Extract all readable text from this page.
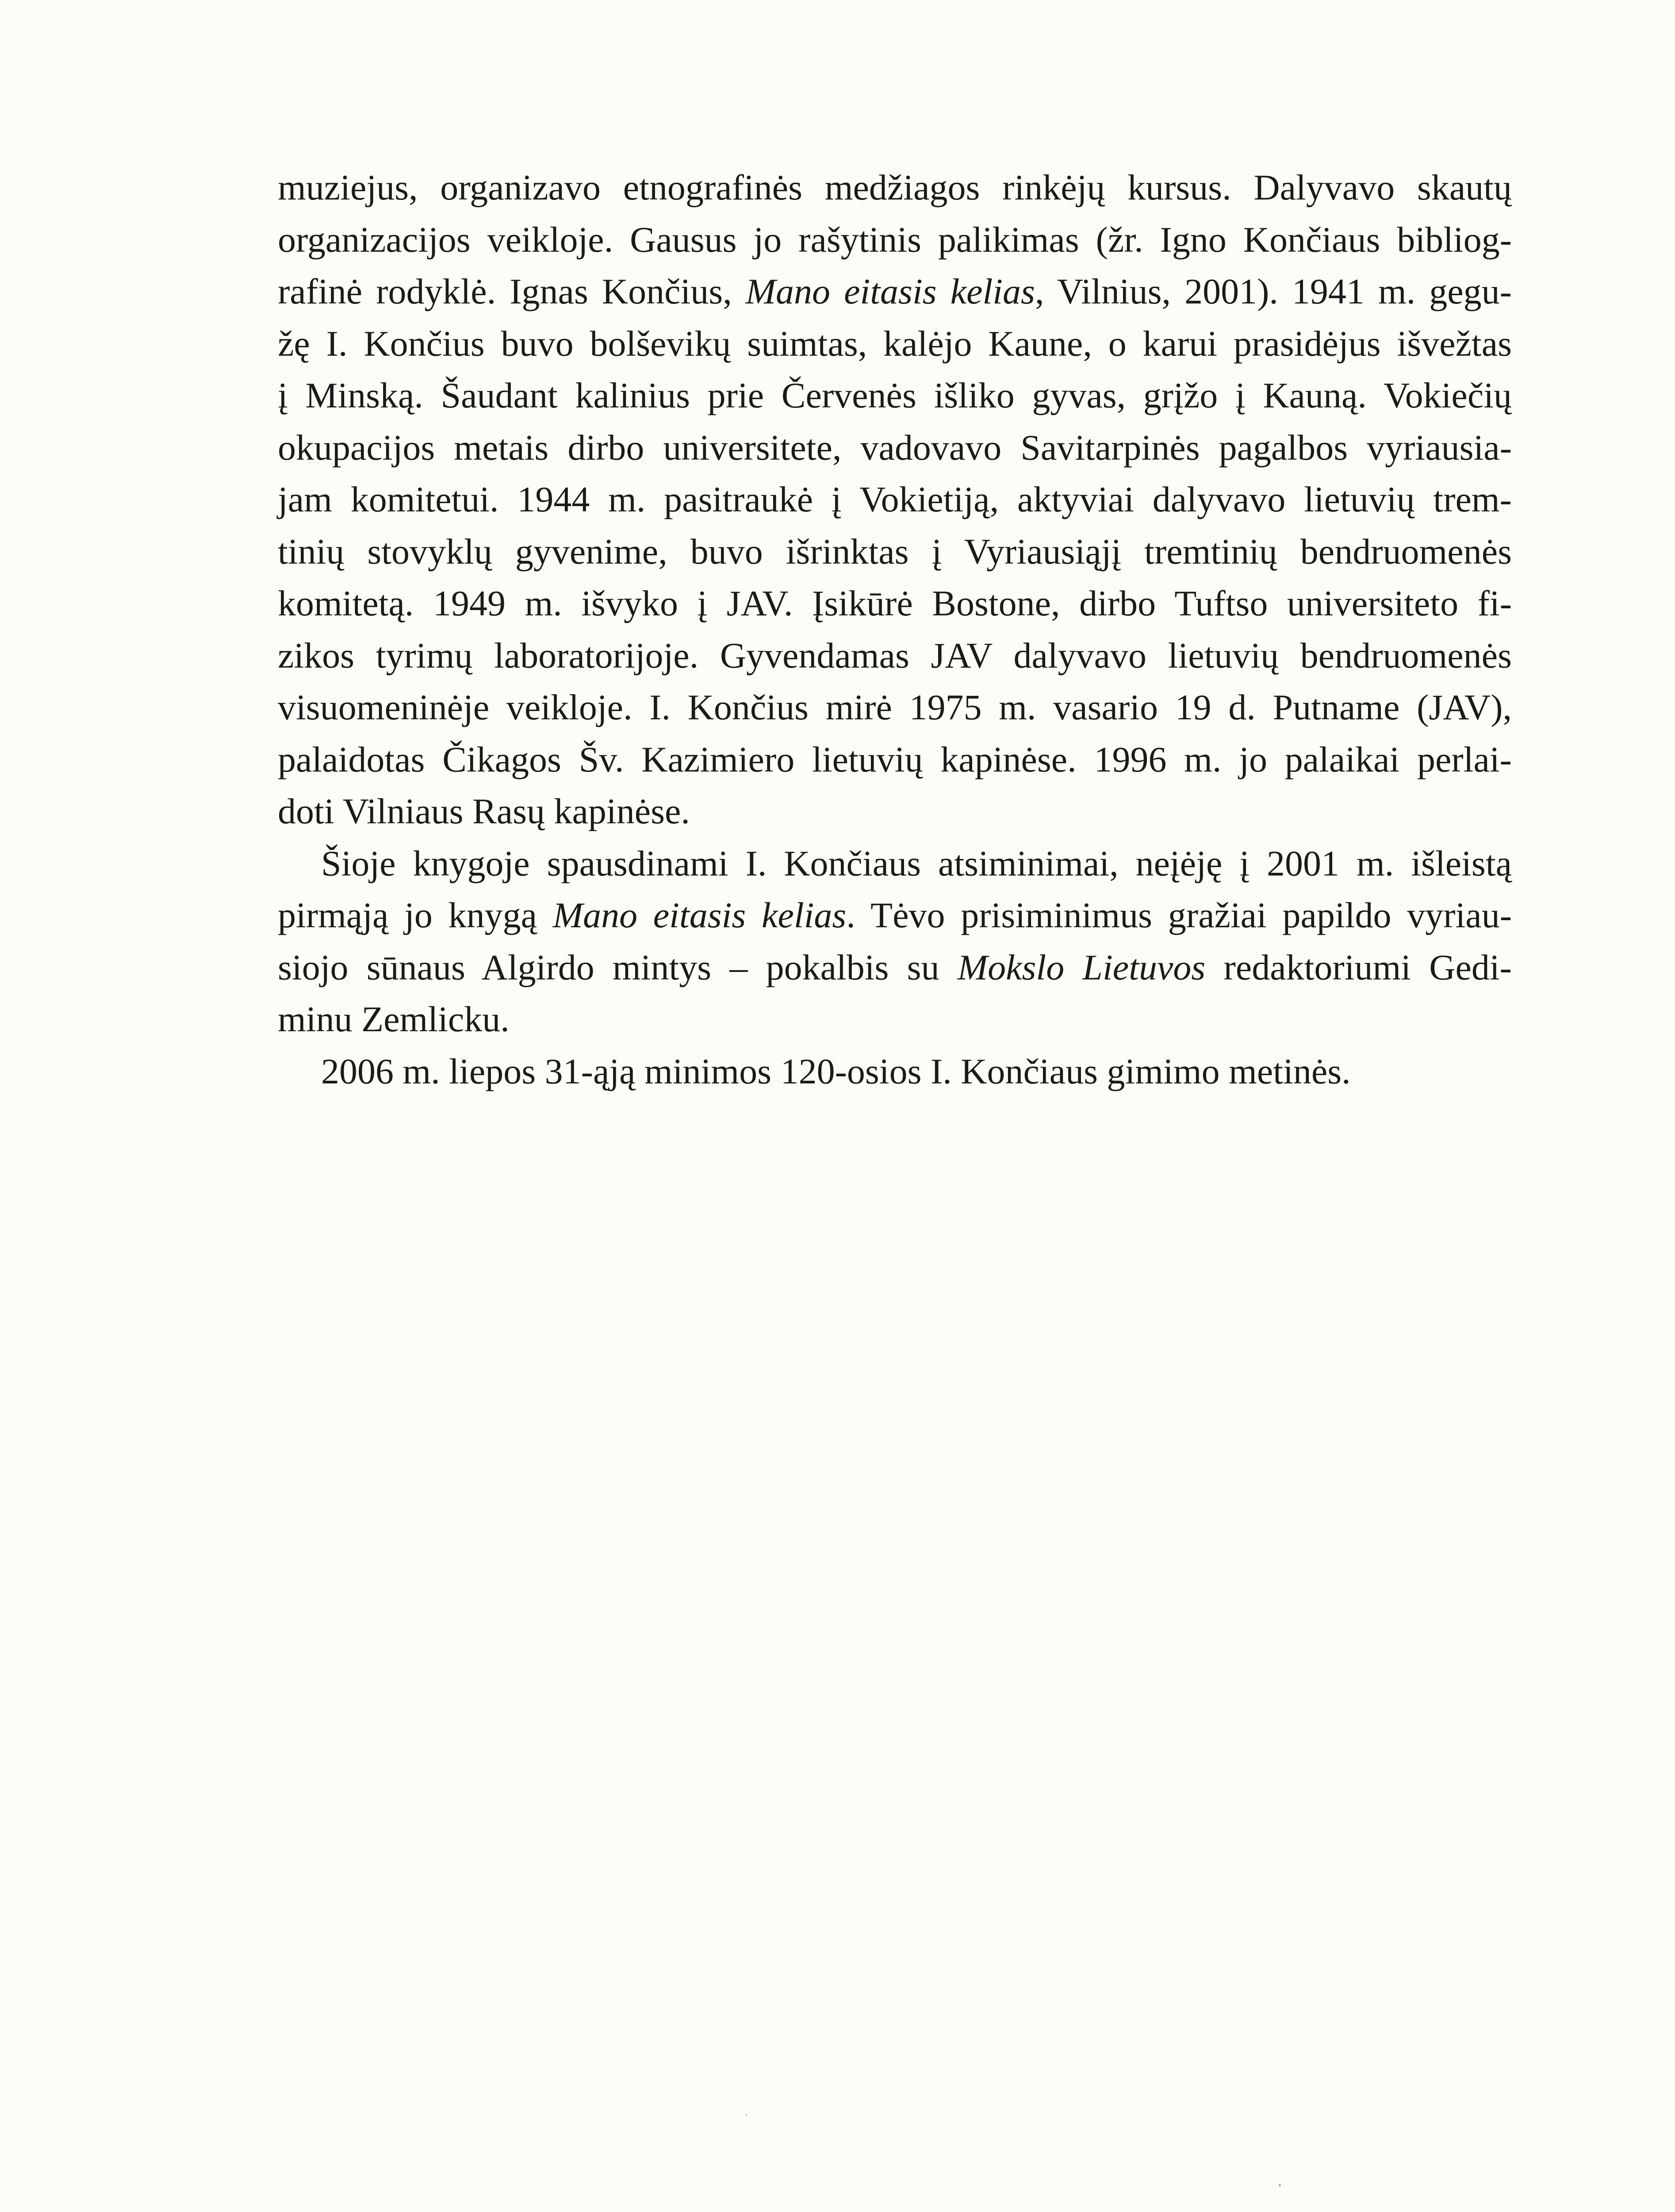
muziejus, organizavo etnografinės medžiagos rinkėjų kursus. Dalyvavo skautų
organizacijos veikloje. Gausus jo rašytinis palikimas (žr. Igno Končiaus bibliog-
rafinė rodyklė. Ignas Končius, Mano eitasis kelias, Vilnius, 2001). 1941 m. gegu-
žę I. Končius buvo bolševikų suimtas, kalėjo Kaune, o karui prasidėjus išvežtas
į Minską. Šaudant kalinius prie Červenės išliko gyvas, grįžo į Kauną. Vokiečių
okupacijos metais dirbo universitete, vadovavo Savitarpinės pagalbos vyriausia-
jam komitetui. 1944 m. pasitraukė į Vokietiją, aktyviai dalyvavo lietuvių trem-
tinių stovyklų gyvenime, buvo išrinktas į Vyriausiąjį tremtinių bendruomenės
komitetą. 1949 m. išvyko į JAV. Įsikūrė Bostone, dirbo Tuftso universiteto fi-
zikos tyrimų laboratorijoje. Gyvendamas JAV dalyvavo lietuvių bendruomenės
visuomeninėje veikloje. I. Končius mirė 1975 m. vasario 19 d. Putname (JAV),
palaidotas Čikagos Šv. Kazimiero lietuvių kapinėse. 1996 m. jo palaikai perlai-
doti Vilniaus Rasų kapinėse.
Šioje knygoje spausdinami I. Končiaus atsiminimai, neįėję į 2001 m. išleistą
pirmąją jo knygą Mano eitasis kelias. Tėvo prisiminimus gražiai papildo vyriau-
siojo sūnaus Algirdo mintys – pokalbis su Mokslo Lietuvos redaktoriumi Gedi-
minu Zemlicku.
2006 m. liepos 31-ąją minimos 120-osios I. Končiaus gimimo metinės.
